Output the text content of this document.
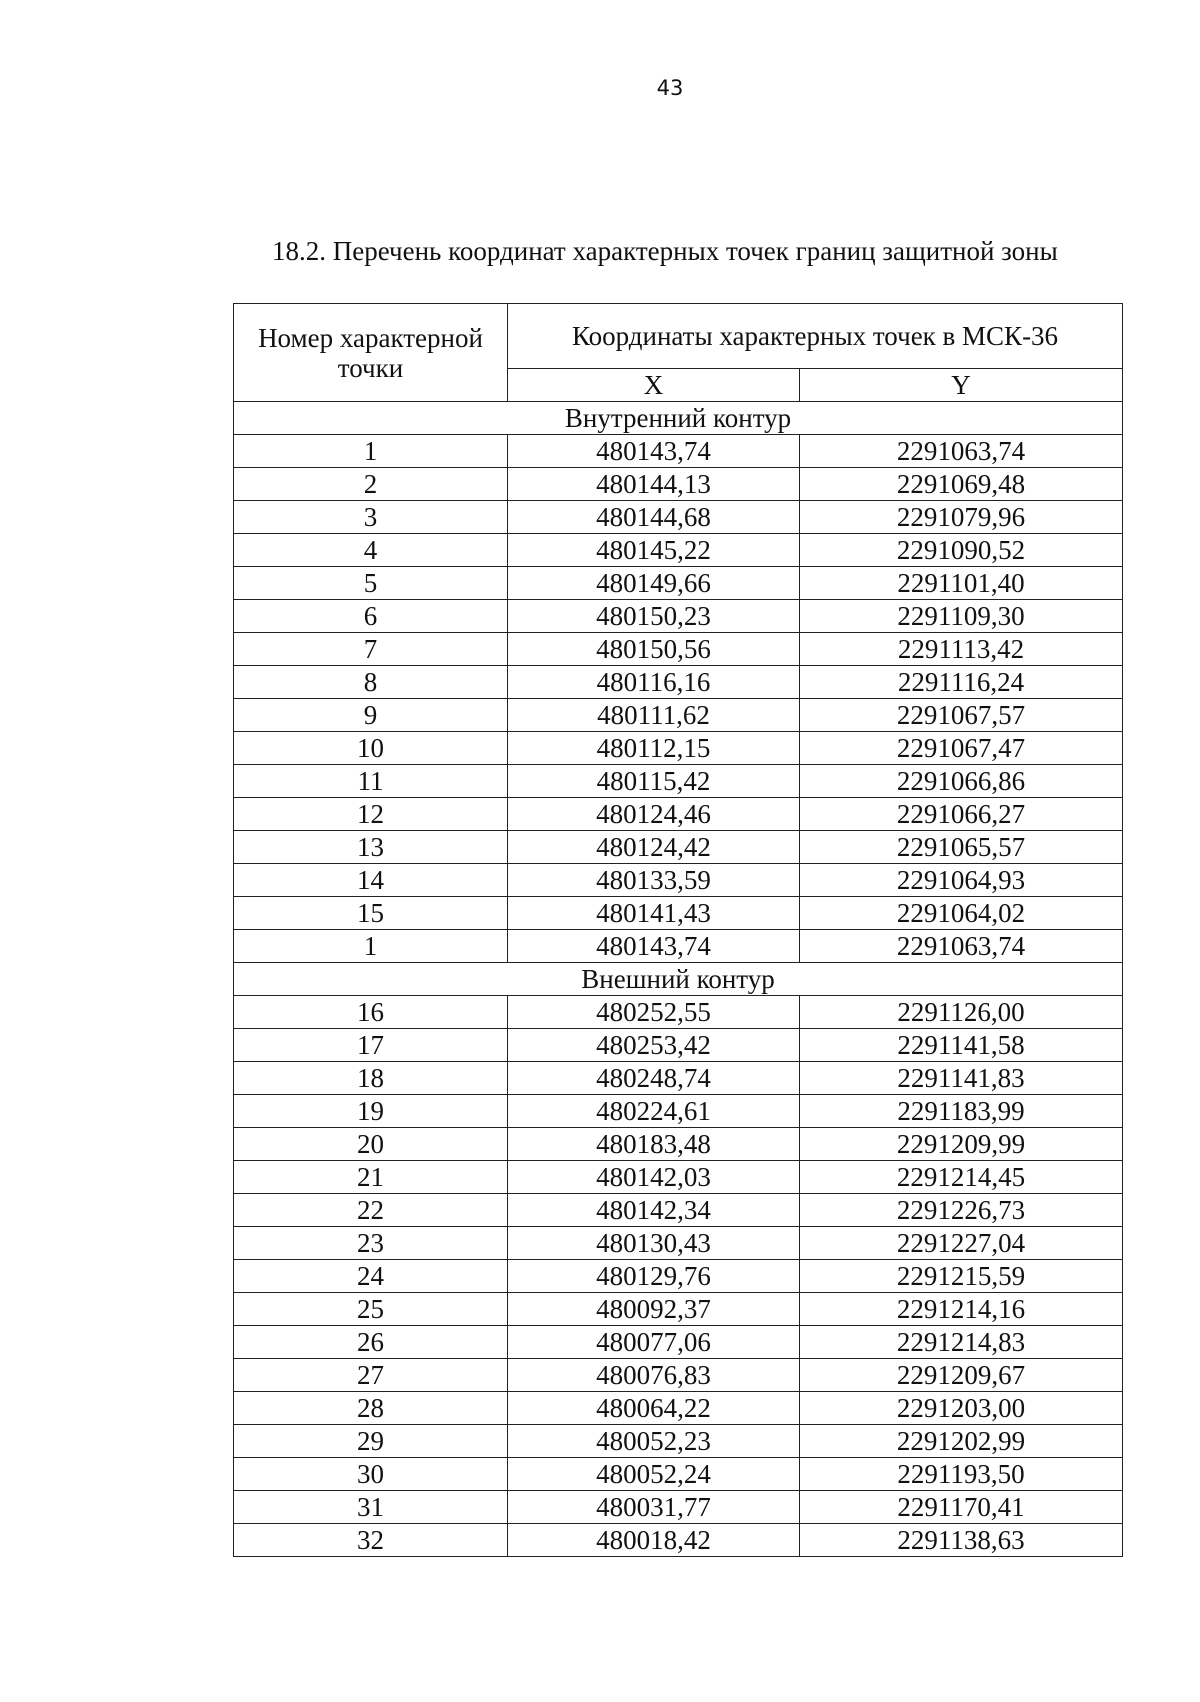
43
18.2. Перечень координат характерных точек границ защитной зоны
Номер характерной точки	Координаты характерных точек в МСК-36	
	X	Y
Внутренний контур		
1	480143,74	2291063,74
2	480144,13	2291069,48
3	480144,68	2291079,96
4	480145,22	2291090,52
5	480149,66	2291101,40
6	480150,23	2291109,30
7	480150,56	2291113,42
8	480116,16	2291116,24
9	480111,62	2291067,57
10	480112,15	2291067,47
11	480115,42	2291066,86
12	480124,46	2291066,27
13	480124,42	2291065,57
14	480133,59	2291064,93
15	480141,43	2291064,02
1	480143,74	2291063,74
Внешний контур		
16	480252,55	2291126,00
17	480253,42	2291141,58
18	480248,74	2291141,83
19	480224,61	2291183,99
20	480183,48	2291209,99
21	480142,03	2291214,45
22	480142,34	2291226,73
23	480130,43	2291227,04
24	480129,76	2291215,59
25	480092,37	2291214,16
26	480077,06	2291214,83
27	480076,83	2291209,67
28	480064,22	2291203,00
29	480052,23	2291202,99
30	480052,24	2291193,50
31	480031,77	2291170,41
32	480018,42	2291138,63
